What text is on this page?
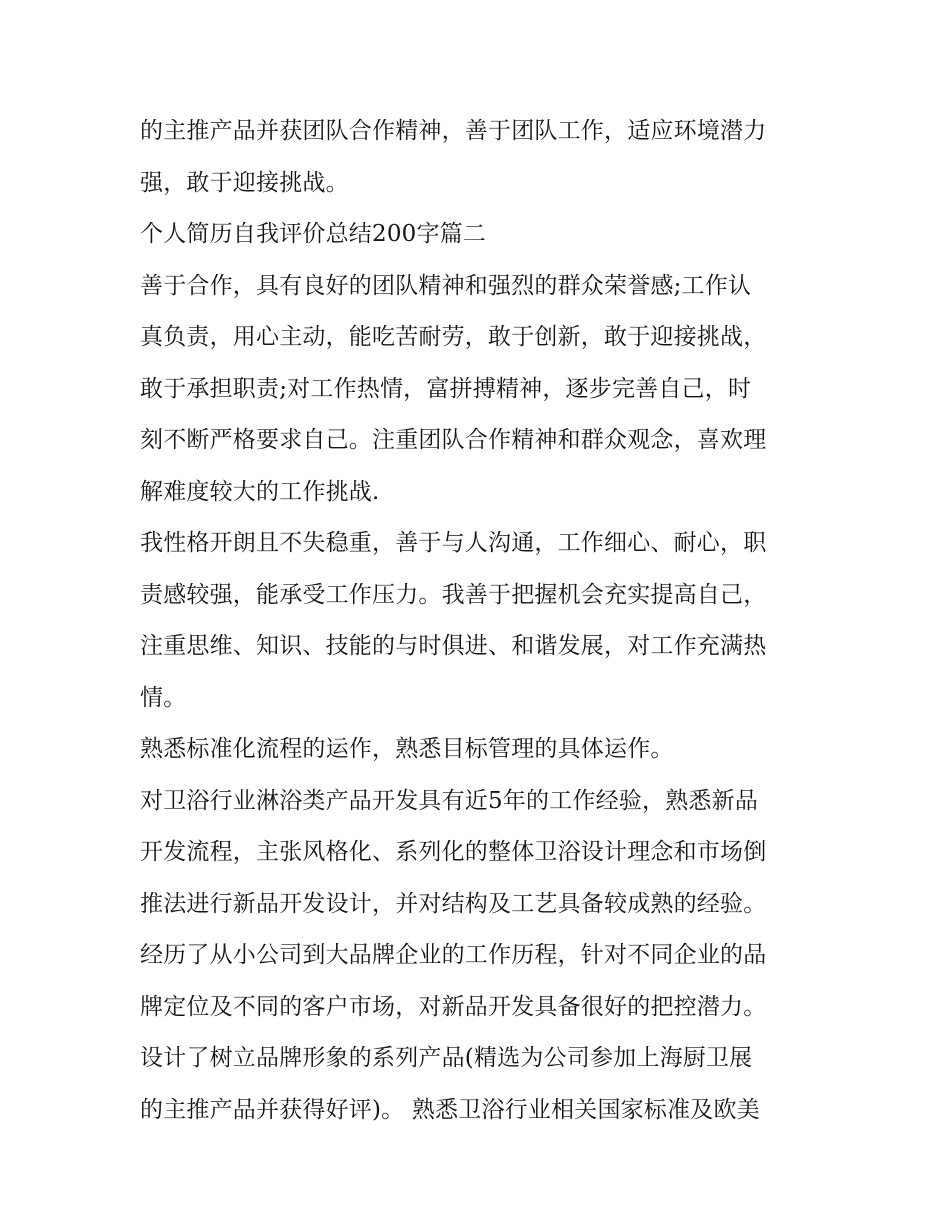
的主推产品并获团队合作精神，善于团队工作，适应环境潜力
强，敢于迎接挑战。
个人简历自我评价总结200字篇二
善于合作，具有良好的团队精神和强烈的群众荣誉感;工作认
真负责，用心主动，能吃苦耐劳，敢于创新，敢于迎接挑战，
敢于承担职责;对工作热情，富拼搏精神，逐步完善自己，时
刻不断严格要求自己。注重团队合作精神和群众观念，喜欢理
解难度较大的工作挑战.
我性格开朗且不失稳重，善于与人沟通，工作细心、耐心，职
责感较强，能承受工作压力。我善于把握机会充实提高自己，
注重思维、知识、技能的与时俱进、和谐发展，对工作充满热
情。
熟悉标准化流程的运作，熟悉目标管理的具体运作。
对卫浴行业淋浴类产品开发具有近5年的工作经验，熟悉新品
开发流程，主张风格化、系列化的整体卫浴设计理念和市场倒
推法进行新品开发设计，并对结构及工艺具备较成熟的经验。
经历了从小公司到大品牌企业的工作历程，针对不同企业的品
牌定位及不同的客户市场，对新品开发具备很好的把控潜力。
设计了树立品牌形象的系列产品(精选为公司参加上海厨卫展
的主推产品并获得好评)。 熟悉卫浴行业相关国家标准及欧美
